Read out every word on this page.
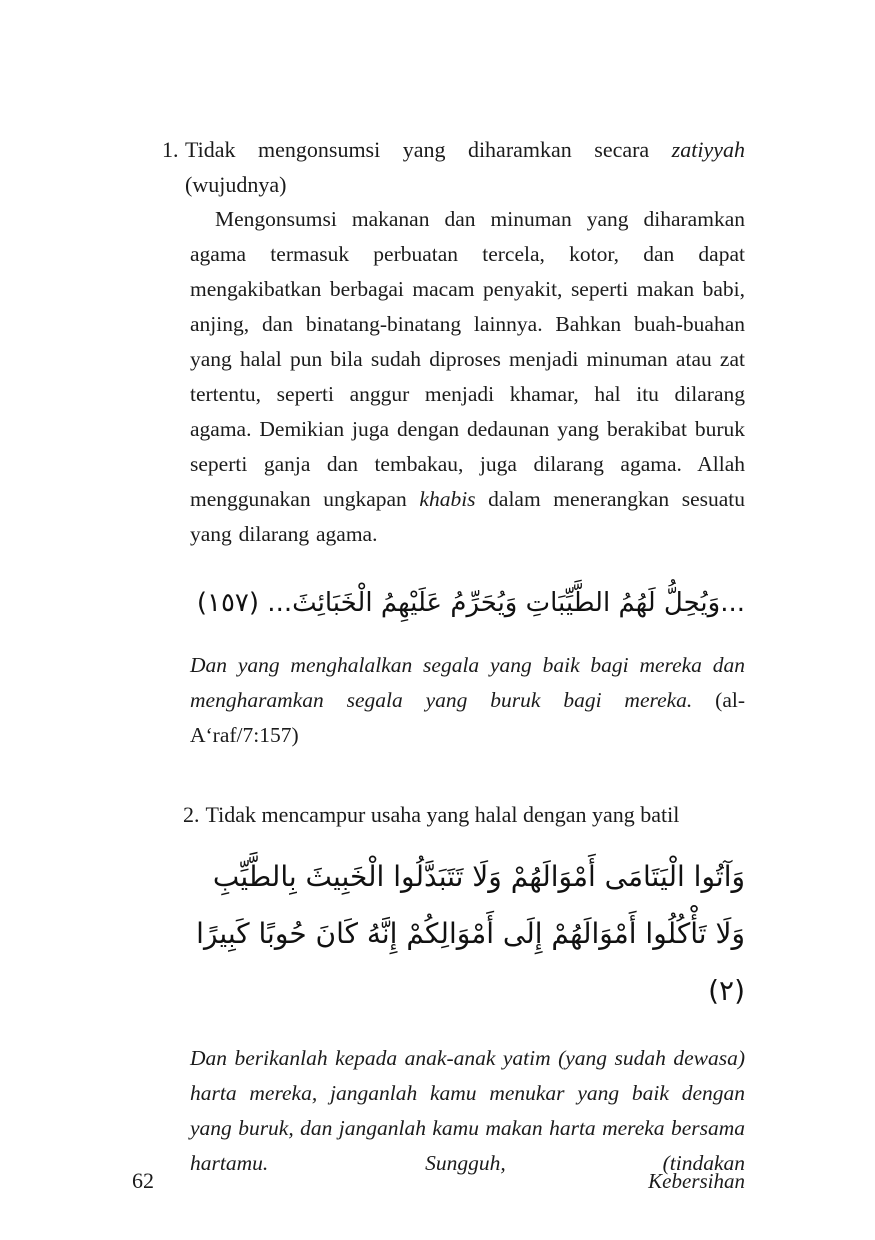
1. Tidak mengonsumsi yang diharamkan secara zatiyyah
(wujudnya)

Mengonsumsi makanan dan minuman yang diharamkan agama termasuk perbuatan tercela, kotor, dan dapat mengakibatkan berbagai macam penyakit, seperti makan babi, anjing, dan binatang-binatang lainnya. Bahkan buah-buahan yang halal pun bila sudah diproses menjadi minuman atau zat tertentu, seperti anggur menjadi khamar, hal itu dilarang agama. Demikian juga dengan dedaunan yang berakibat buruk seperti ganja dan tembakau, juga dilarang agama. Allah menggunakan ungkapan khabis dalam menerangkan sesuatu yang dilarang agama.

...وَيُحِلُّ لَهُمُ الطَّيِّبَاتِ وَيُحَرِّمُ عَلَيْهِمُ الْخَبَائِثَ... (١٥٧)

Dan yang menghalalkan segala yang baik bagi mereka dan mengharamkan segala yang buruk bagi mereka. (al-A‘raf/7:157)

2. Tidak mencampur usaha yang halal dengan yang batil
وَآتُوا الْيَتَامَى أَمْوَالَهُمْ وَلَا تَتَبَدَّلُوا الْخَبِيثَ بِالطَّيِّبِ وَلَا تَأْكُلُوا أَمْوَالَهُمْ إِلَى أَمْوَالِكُمْ إِنَّهُ كَانَ حُوبًا كَبِيرًا (٢)

Dan berikanlah kepada anak-anak yatim (yang sudah dewasa) harta mereka, janganlah kamu menukar yang baik dengan yang buruk, dan janganlah kamu makan harta mereka bersama hartamu. Sungguh, (tindakan

62	Kebersihan
